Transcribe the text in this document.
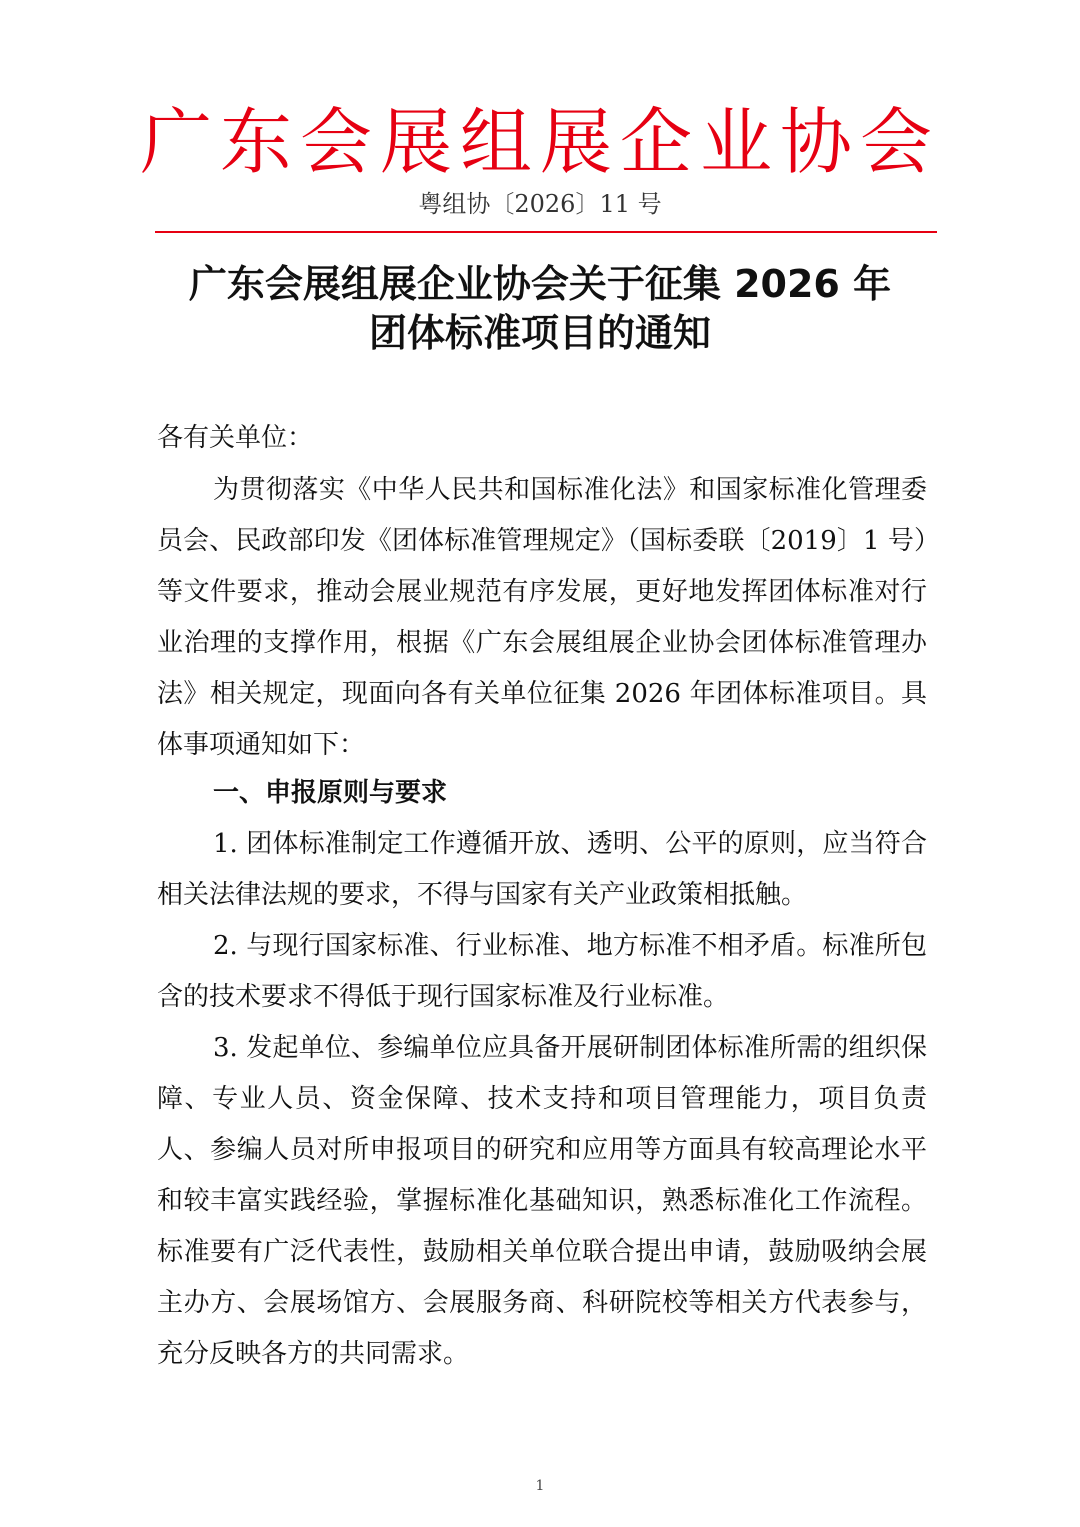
广东会展组展企业协会
粤组协〔2026〕11 号
广东会展组展企业协会关于征集 2026 年
团体标准项目的通知

各有关单位：

为贯彻落实《中华人民共和国标准化法》和国家标准化管理委员会、民政部印发《团体标准管理规定》（国标委联〔2019〕1 号）等文件要求，推动会展业规范有序发展，更好地发挥团体标准对行业治理的支撑作用，根据《广东会展组展企业协会团体标准管理办法》相关规定，现面向各有关单位征集 2026 年团体标准项目。具体事项通知如下：

一、申报原则与要求

1. 团体标准制定工作遵循开放、透明、公平的原则，应当符合相关法律法规的要求，不得与国家有关产业政策相抵触。

2. 与现行国家标准、行业标准、地方标准不相矛盾。标准所包含的技术要求不得低于现行国家标准及行业标准。

3. 发起单位、参编单位应具备开展研制团体标准所需的组织保障、专业人员、资金保障、技术支持和项目管理能力，项目负责人、参编人员对所申报项目的研究和应用等方面具有较高理论水平和较丰富实践经验，掌握标准化基础知识，熟悉标准化工作流程。标准要有广泛代表性，鼓励相关单位联合提出申请，鼓励吸纳会展主办方、会展场馆方、会展服务商、科研院校等相关方代表参与，充分反映各方的共同需求。

1
